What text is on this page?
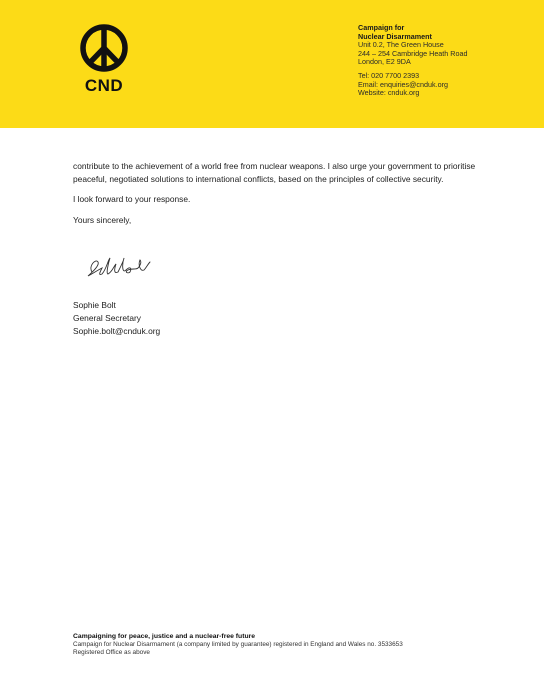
CND
Campaign for
Nuclear Disarmament
Unit 0.2, The Green House
244 – 254 Cambridge Heath Road
London, E2 9DA
Tel: 020 7700 2393
Email: enquiries@cnduk.org
Website: cnduk.org

contribute to the achievement of a world free from nuclear weapons. I also urge your government to prioritise peaceful, negotiated solutions to international conflicts, based on the principles of collective security.

I look forward to your response.

Yours sincerely,

Sophie Bolt
General Secretary
Sophie.bolt@cnduk.org
Campaigning for peace, justice and a nuclear-free future
Campaign for Nuclear Disarmament (a company limited by guarantee) registered in England and Wales no. 3533653
Registered Office as above
